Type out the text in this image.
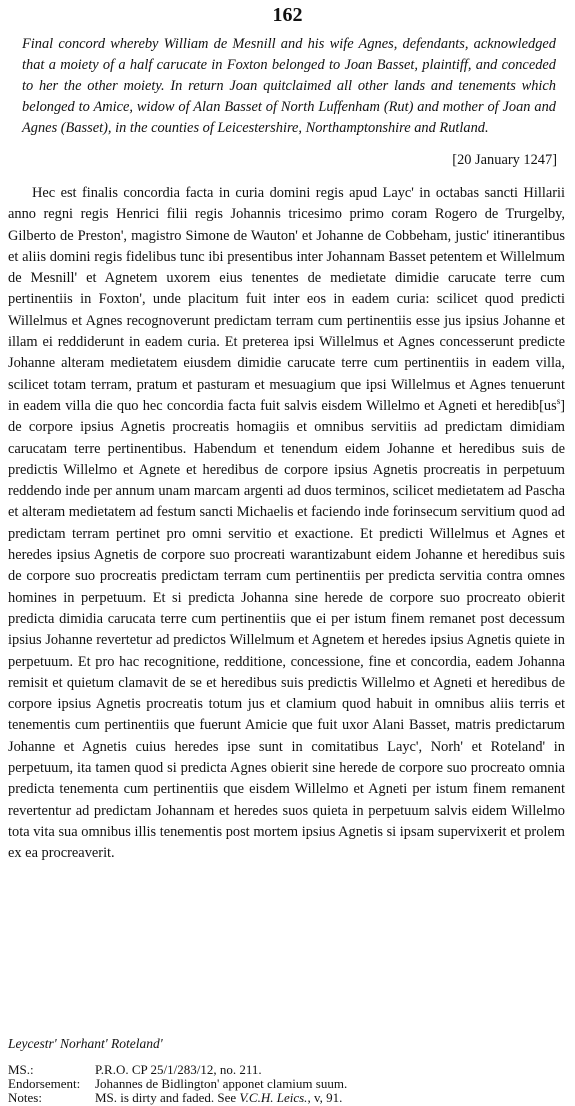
162

Final concord whereby William de Mesnill and his wife Agnes, defendants, acknowledged that a moiety of a half carucate in Foxton belonged to Joan Basset, plaintiff, and conceded to her the other moiety. In return Joan quitclaimed all other lands and tenements which belonged to Amice, widow of Alan Basset of North Luffenham (Rut) and mother of Joan and Agnes (Basset), in the counties of Leicestershire, Northamptonshire and Rutland.

[20 January 1247]

Hec est finalis concordia facta in curia domini regis apud Layc' in octabas sancti Hillarii anno regni regis Henrici filii regis Johannis tricesimo primo coram Rogero de Trurgelby, Gilberto de Preston', magistro Simone de Wauton' et Johanne de Cobbeham, justic' itinerantibus et aliis domini regis fidelibus tunc ibi presentibus inter Johannam Basset petentem et Willelmum de Mesnill' et Agnetem uxorem eius tenentes de medietate dimidie carucate terre cum pertinentiis in Foxton', unde placitum fuit inter eos in eadem curia: scilicet quod predicti Willelmus et Agnes recognoverunt predictam terram cum pertinentiis esse jus ipsius Johanne et illam ei reddiderunt in eadem curia. Et preterea ipsi Willelmus et Agnes concesserunt predicte Johanne alteram medietatem eiusdem dimidie carucate terre cum pertinentiis in eadem villa, scilicet totam terram, pratum et pasturam et mesuagium que ipsi Willelmus et Agnes tenuerunt in eadem villa die quo hec concordia facta fuit salvis eisdem Willelmo et Agneti et $heredib[us^s]$ de corpore ipsius Agnetis procreatis homagiis et omnibus servitiis ad predictam dimidiam carucatam terre pertinentibus. Habendum et tenendum eidem Johanne et heredibus suis de predictis Willelmo et Agnete et heredibus de corpore ipsius Agnetis procreatis in perpetuum reddendo inde per annum unam marcam argenti ad duos terminos, scilicet medietatem ad Pascha et alteram medietatem ad festum sancti Michaelis et faciendo inde forinsecum servitium quod ad predictam terram pertinet pro omni servitio et exactione. Et predicti Willelmus et Agnes et heredes ipsius Agnetis de corpore suo procreati warantizabunt eidem Johanne et heredibus suis de corpore suo procreatis predictam terram cum pertinentiis per predicta servitia contra omnes homines in perpetuum. Et si predicta Johanna sine herede de corpore suo procreato obierit predicta dimidia carucata terre cum pertinentiis que ei per istum finem remanet post decessum ipsius Johanne revertetur ad predictos Willelmum et Agnetem et heredes ipsius Agnetis quiete in perpetuum. Et pro hac recognitione, redditione, concessione, fine et concordia, eadem Johanna remisit et quietum clamavit de se et heredibus suis predictis Willelmo et Agneti et heredibus de corpore ipsius Agnetis procreatis totum jus et clamium quod habuit in omnibus aliis terris et tenementis cum pertinentiis que fuerunt Amicie que fuit uxor Alani Basset, matris predictarum Johanne et Agnetis cuius heredes ipse sunt in comitatibus Layc', Norh' et Roteland' in perpetuum, ita tamen quod si predicta Agnes obierit sine herede de corpore suo procreato omnia predicta tenementa cum pertinentiis que eisdem Willelmo et Agneti per istum finem remanent revertentur ad predictam Johannam et heredes suos quieta in perpetuum salvis eidem Willelmo tota vita sua omnibus illis tenementis post mortem ipsius Agnetis si ipsam supervixerit et prolem ex ea procreaverit.

Leycestr' Norhant' Roteland'

MS.:	P.R.O. CP 25/1/283/12, no. 211.
Endorsement:	Johannes de Bidlington' apponet clamium suum.
Notes:	MS. is dirty and faded. See V.C.H. Leics., v, 91.
